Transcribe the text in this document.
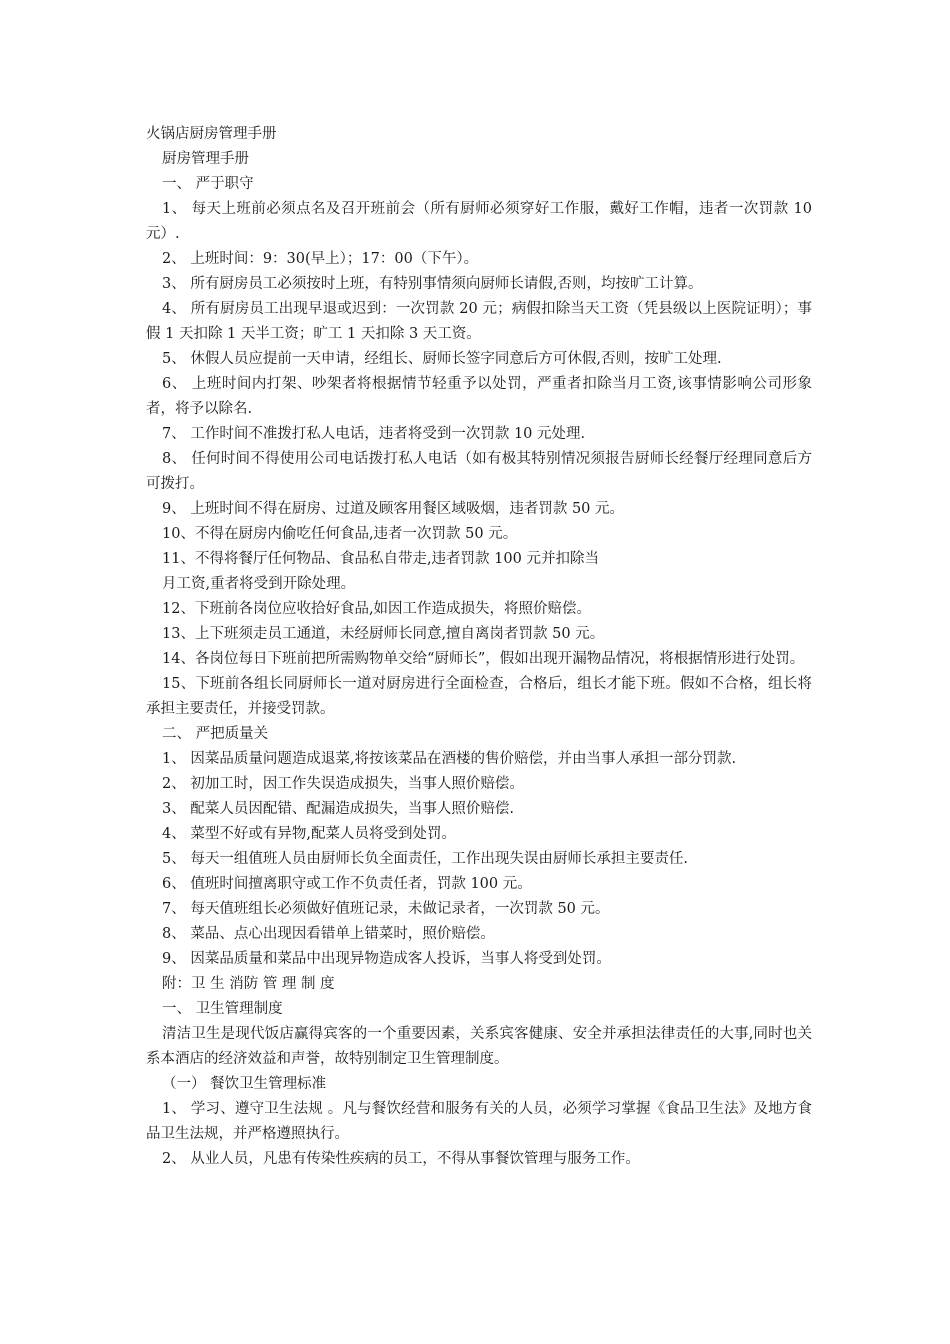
火锅店厨房管理手册

厨房管理手册

一、 严于职守

1、 每天上班前必须点名及召开班前会（所有厨师必须穿好工作服，戴好工作帽，违者一次罚款 10 元）.

2、 上班时间：9：30(早上）；17：00（下午）。

3、 所有厨房员工必须按时上班，有特别事情须向厨师长请假,否则，均按旷工计算。

4、 所有厨房员工出现早退或迟到：一次罚款 20 元；病假扣除当天工资（凭县级以上医院证明）；事假 1 天扣除 1 天半工资；旷工 1 天扣除 3 天工资。

5、 休假人员应提前一天申请，经组长、厨师长签字同意后方可休假,否则，按旷工处理.

6、 上班时间内打架、吵架者将根据情节轻重予以处罚，严重者扣除当月工资,该事情影响公司形象者，将予以除名.

7、 工作时间不准拨打私人电话，违者将受到一次罚款 10 元处理.

8、 任何时间不得使用公司电话拨打私人电话（如有极其特别情况须报告厨师长经餐厅经理同意后方可拨打。

9、 上班时间不得在厨房、过道及顾客用餐区域吸烟，违者罚款 50 元。

10、不得在厨房内偷吃任何食品,违者一次罚款 50 元。

11、不得将餐厅任何物品、食品私自带走,违者罚款 100 元并扣除当

月工资,重者将受到开除处理。

12、下班前各岗位应收拾好食品,如因工作造成损失，将照价赔偿。

13、上下班须走员工通道，未经厨师长同意,擅自离岗者罚款 50 元。

14、各岗位每日下班前把所需购物单交给“厨师长”，假如出现开漏物品情况，将根据情形进行处罚。

15、下班前各组长同厨师长一道对厨房进行全面检查，合格后，组长才能下班。假如不合格，组长将承担主要责任，并接受罚款。

二、 严把质量关

1、 因菜品质量问题造成退菜,将按该菜品在酒楼的售价赔偿，并由当事人承担一部分罚款.

2、 初加工时，因工作失误造成损失，当事人照价赔偿。

3、 配菜人员因配错、配漏造成损失，当事人照价赔偿.

4、 菜型不好或有异物,配菜人员将受到处罚。

5、 每天一组值班人员由厨师长负全面责任，工作出现失误由厨师长承担主要责任.

6、 值班时间擅离职守或工作不负责任者，罚款 100 元。

7、 每天值班组长必须做好值班记录，未做记录者，一次罚款 50 元。

8、 菜品、点心出现因看错单上错菜时，照价赔偿。

9、 因菜品质量和菜品中出现异物造成客人投诉，当事人将受到处罚。

附：卫 生 消防 管 理 制 度

一、 卫生管理制度

清洁卫生是现代饭店赢得宾客的一个重要因素，关系宾客健康、安全并承担法律责任的大事,同时也关系本酒店的经济效益和声誉，故特别制定卫生管理制度。

（一） 餐饮卫生管理标准

1、 学习、遵守卫生法规 。凡与餐饮经营和服务有关的人员，必须学习掌握《食品卫生法》及地方食品卫生法规，并严格遵照执行。

2、 从业人员，凡患有传染性疾病的员工，不得从事餐饮管理与服务工作。
